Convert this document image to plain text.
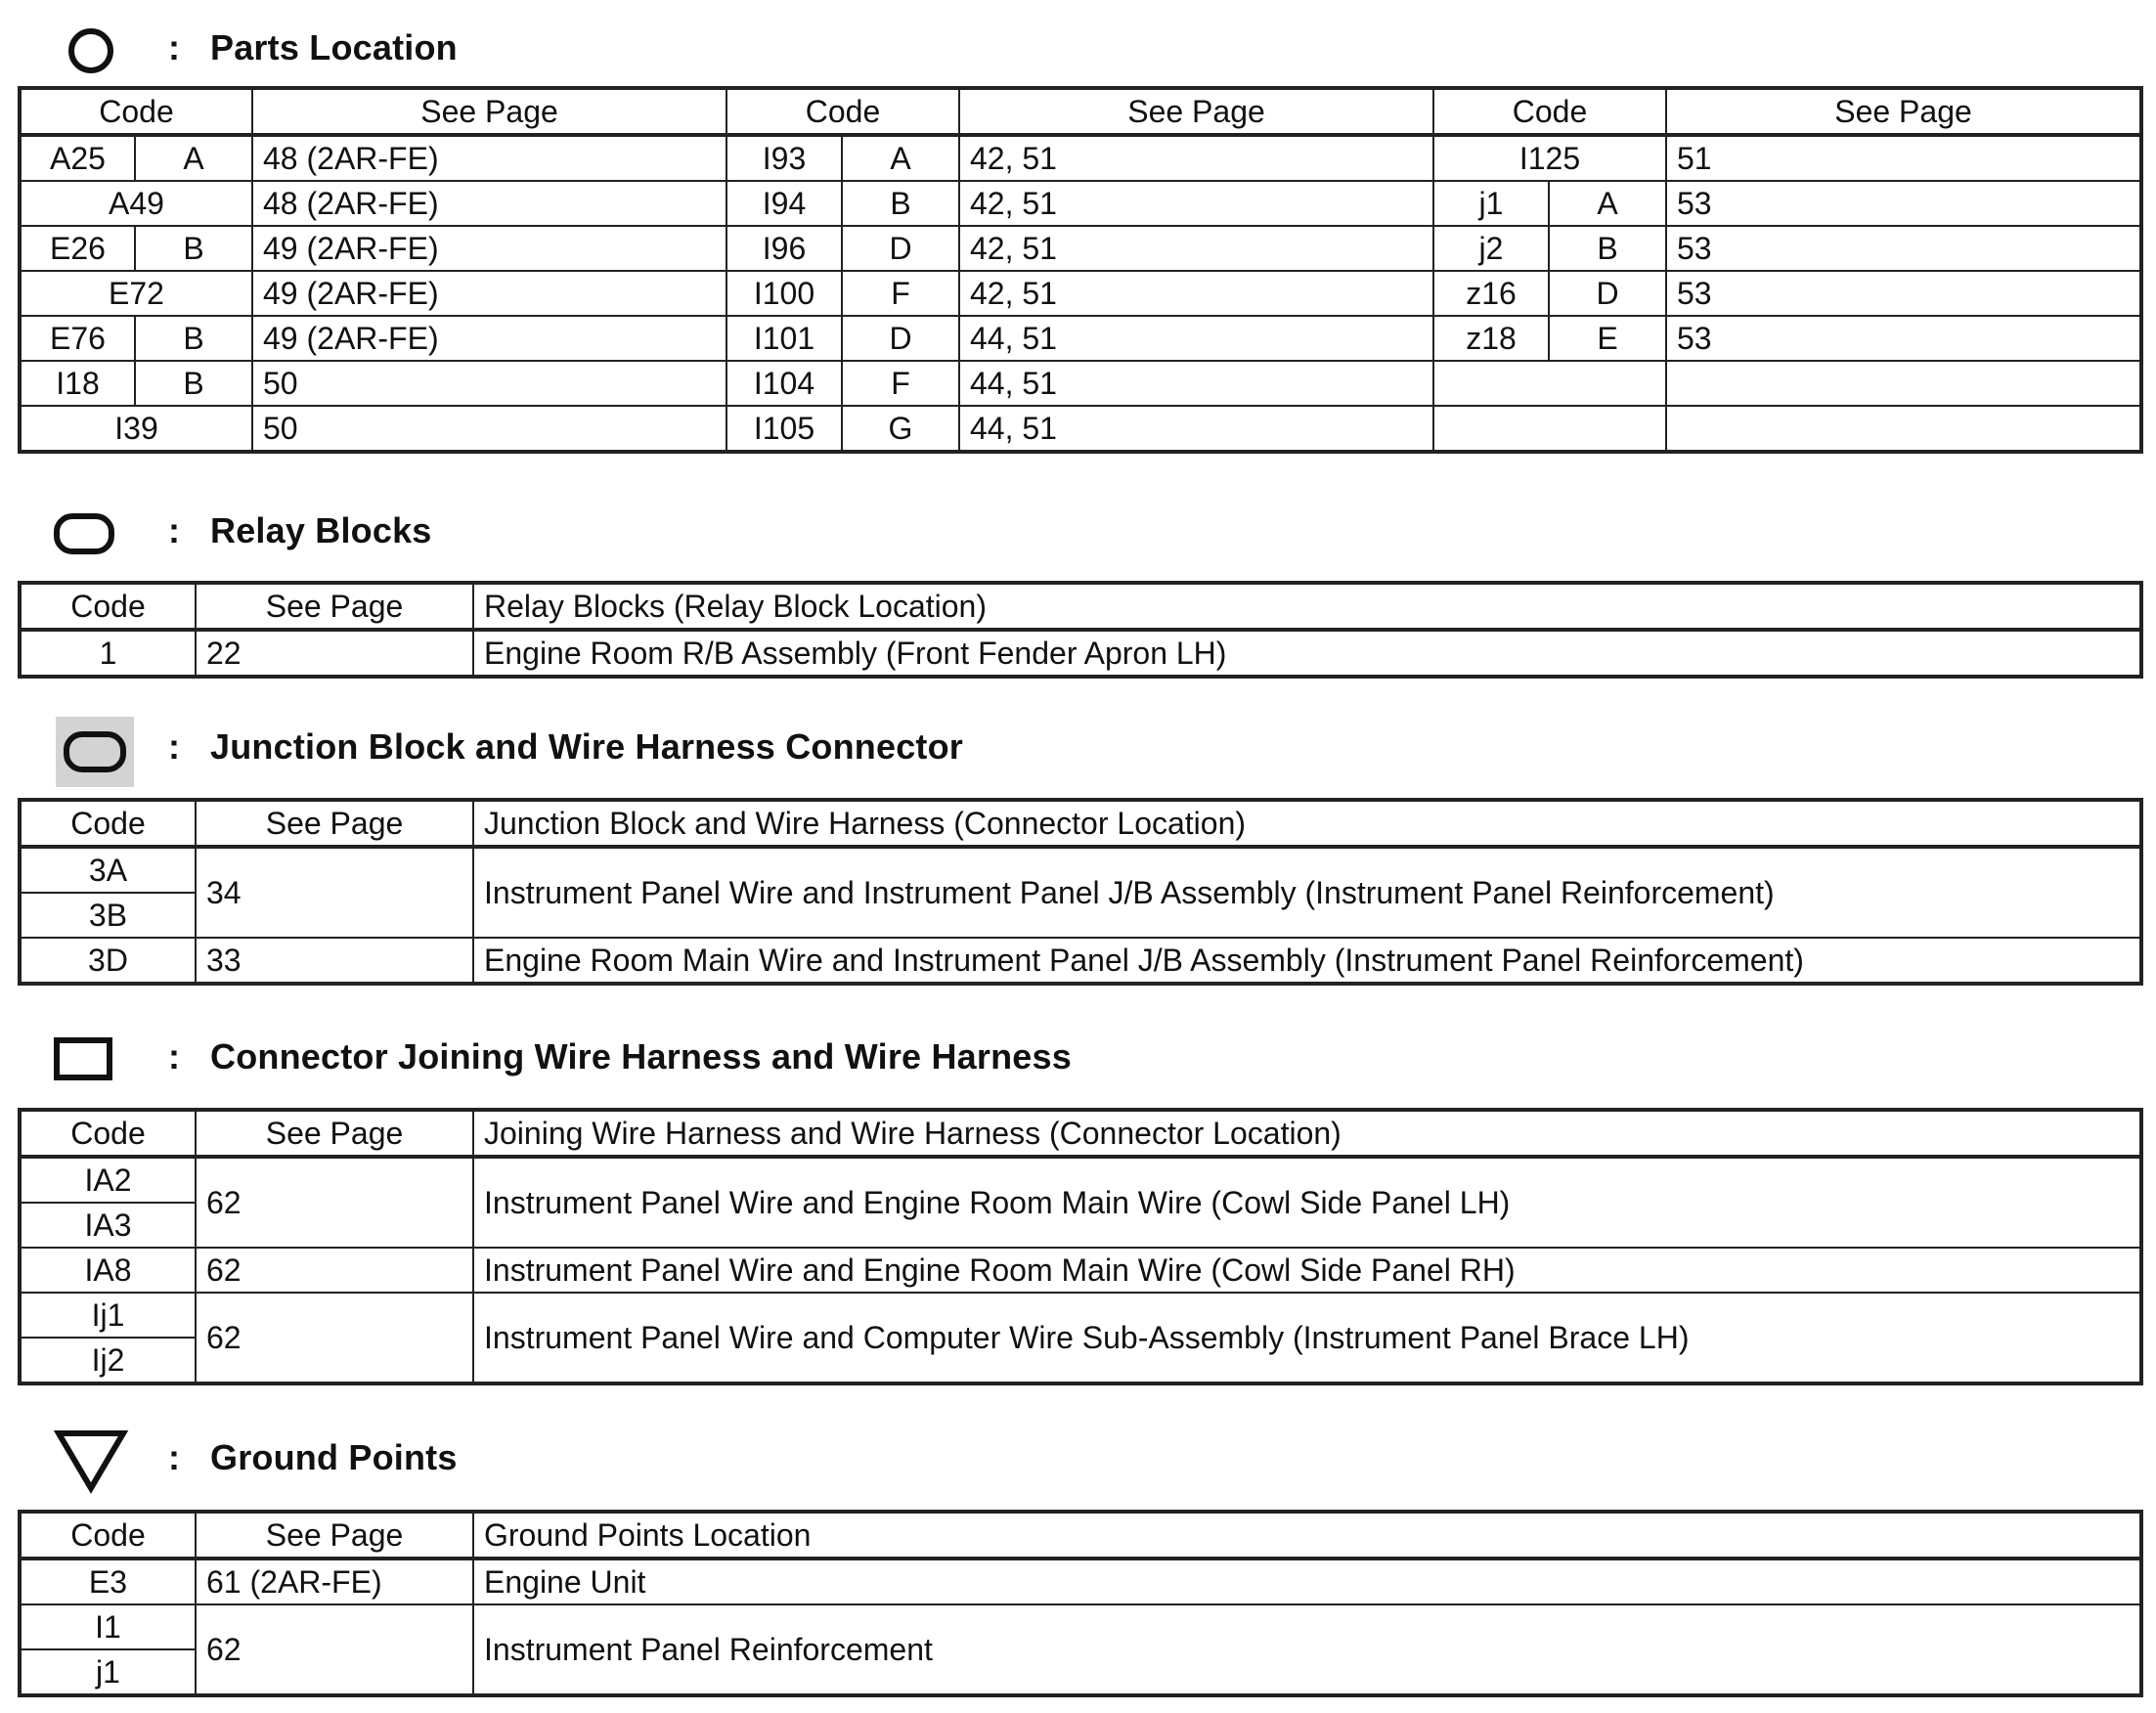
: Parts Location
Code		See Page	Code		See Page	Code		See Page
A25	A	48 (2AR-FE)	I93	A	42, 51	I125		51
A49		48 (2AR-FE)	I94	B	42, 51	j1	A	53
E26	B	49 (2AR-FE)	I96	D	42, 51	j2	B	53
E72		49 (2AR-FE)	I100	F	42, 51	z16	D	53
E76	B	49 (2AR-FE)	I101	D	44, 51	z18	E	53
I18	B	50	I104	F	44, 51			
I39		50	I105	G	44, 51			
: Relay Blocks
Code	See Page	Relay Blocks (Relay Block Location)
1	22	Engine Room R/B Assembly (Front Fender Apron LH)
: Junction Block and Wire Harness Connector
Code	See Page	Junction Block and Wire Harness (Connector Location)
3A	34	Instrument Panel Wire and Instrument Panel J/B Assembly (Instrument Panel Reinforcement)
3B		
3D	33	Engine Room Main Wire and Instrument Panel J/B Assembly (Instrument Panel Reinforcement)
: Connector Joining Wire Harness and Wire Harness
Code	See Page	Joining Wire Harness and Wire Harness (Connector Location)
IA2	62	Instrument Panel Wire and Engine Room Main Wire (Cowl Side Panel LH)
IA3		
IA8	62	Instrument Panel Wire and Engine Room Main Wire (Cowl Side Panel RH)
Ij1	62	Instrument Panel Wire and Computer Wire Sub-Assembly (Instrument Panel Brace LH)
Ij2		
: Ground Points
Code	See Page	Ground Points Location
E3	61 (2AR-FE)	Engine Unit
I1	62	Instrument Panel Reinforcement
j1		
